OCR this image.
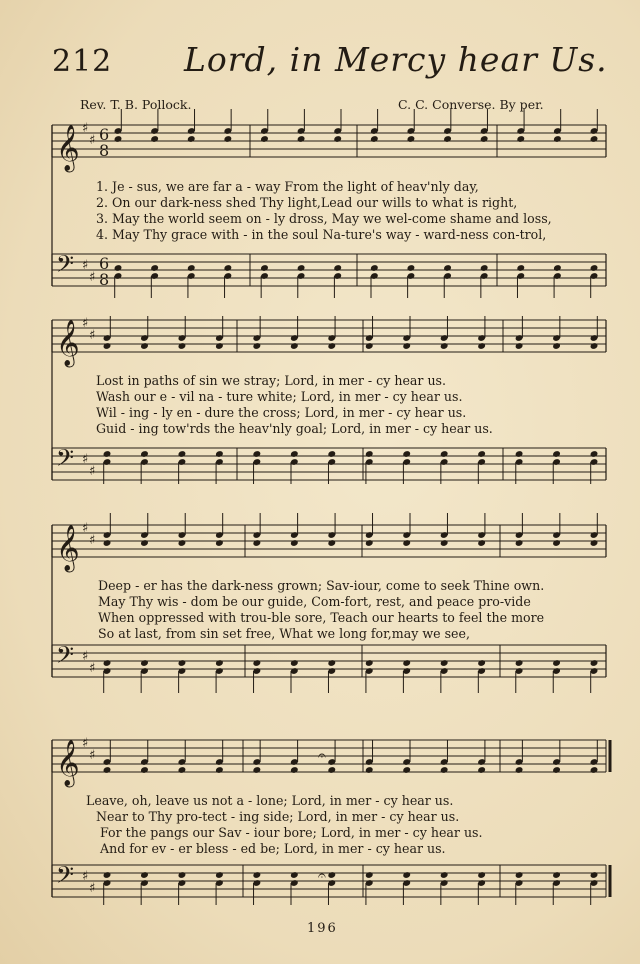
212 Lord, in Mercy hear Us.
Rev. T. B. Pollock.	C. C. Converse. By per.
𝄞 ♯
♯ 6
8
𝄢 ♯
♯
6
8
𝄞 ♯
♯
𝄢 ♯
♯
𝄞 ♯
♯
𝄢 ♯
♯
𝄞 ♯
♯
𝄢 ♯
♯
𝄐
𝄐
1. Je - sus, we are far a - way From the light of heav'nly day,
2. On our dark-ness shed Thy light,Lead our wills to what is right,
3. May the world seem on - ly dross, May we wel-come shame and loss,
4. May Thy grace with - in the soul Na-ture's way - ward-ness con-trol,
Lost in paths of sin we stray; Lord, in mer - cy hear us.
Wash our e - vil na - ture white; Lord, in mer - cy hear us.
Wil - ing - ly en - dure the cross; Lord, in mer - cy hear us.
Guid - ing tow'rds the heav'nly goal; Lord, in mer - cy hear us.
Deep - er has the dark-ness grown; Sav-iour, come to seek Thine own.
May Thy wis - dom be our guide, Com-fort, rest, and peace pro-vide
When oppressed with trou-ble sore, Teach our hearts to feel the more
So at last, from sin set free, What we long for,may we see,
Leave, oh, leave us not a - lone; Lord, in mer - cy hear us.
Near to Thy pro-tect - ing side; Lord, in mer - cy hear us.
For the pangs our Sav - iour bore; Lord, in mer - cy hear us.
And for ev - er bless - ed be; Lord, in mer - cy hear us.
196
